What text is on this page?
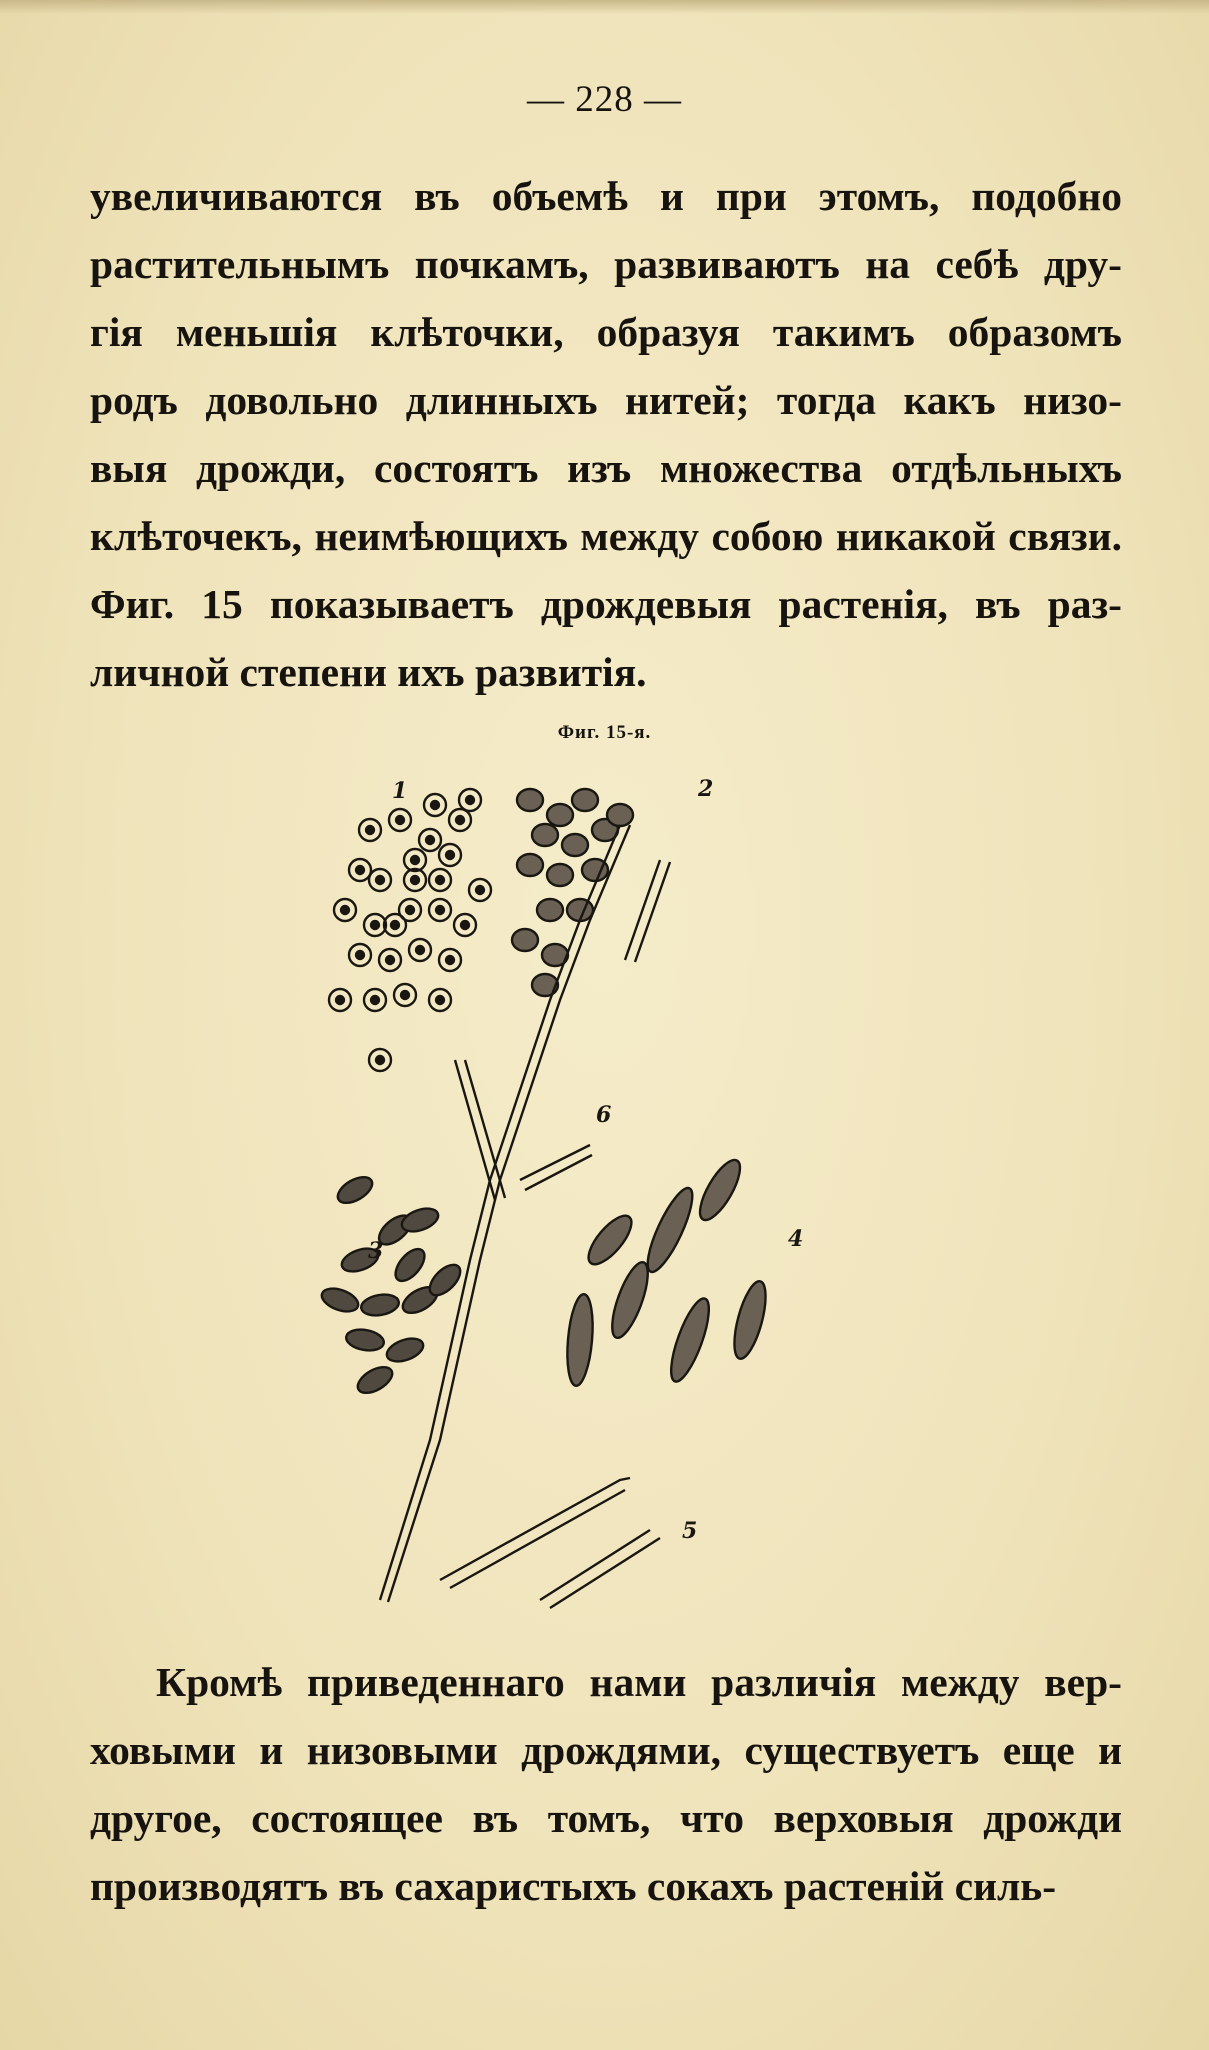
— 228 —
увеличиваются въ объемѣ и при этомъ, подобно
растительнымъ почкамъ, развиваютъ на себѣ дру-
гія меньшія клѣточки, образуя такимъ образомъ
родъ довольно длинныхъ нитей; тогда какъ низо-
выя дрожди, состоятъ изъ множества отдѣльныхъ
клѣточекъ, неимѣющихъ между собою никакой связи.
Фиг. 15 показываетъ дрождевыя растенія, въ раз-
личной степени ихъ развитія.
Фиг. 15-я.
1	2
3	4
5
6
Кромѣ приведеннаго нами различія между вер-
ховыми и низовыми дрождями, существуетъ еще и
другое, состоящее въ томъ, что верховыя дрожди
производятъ въ сахаристыхъ сокахъ растеній силь-
